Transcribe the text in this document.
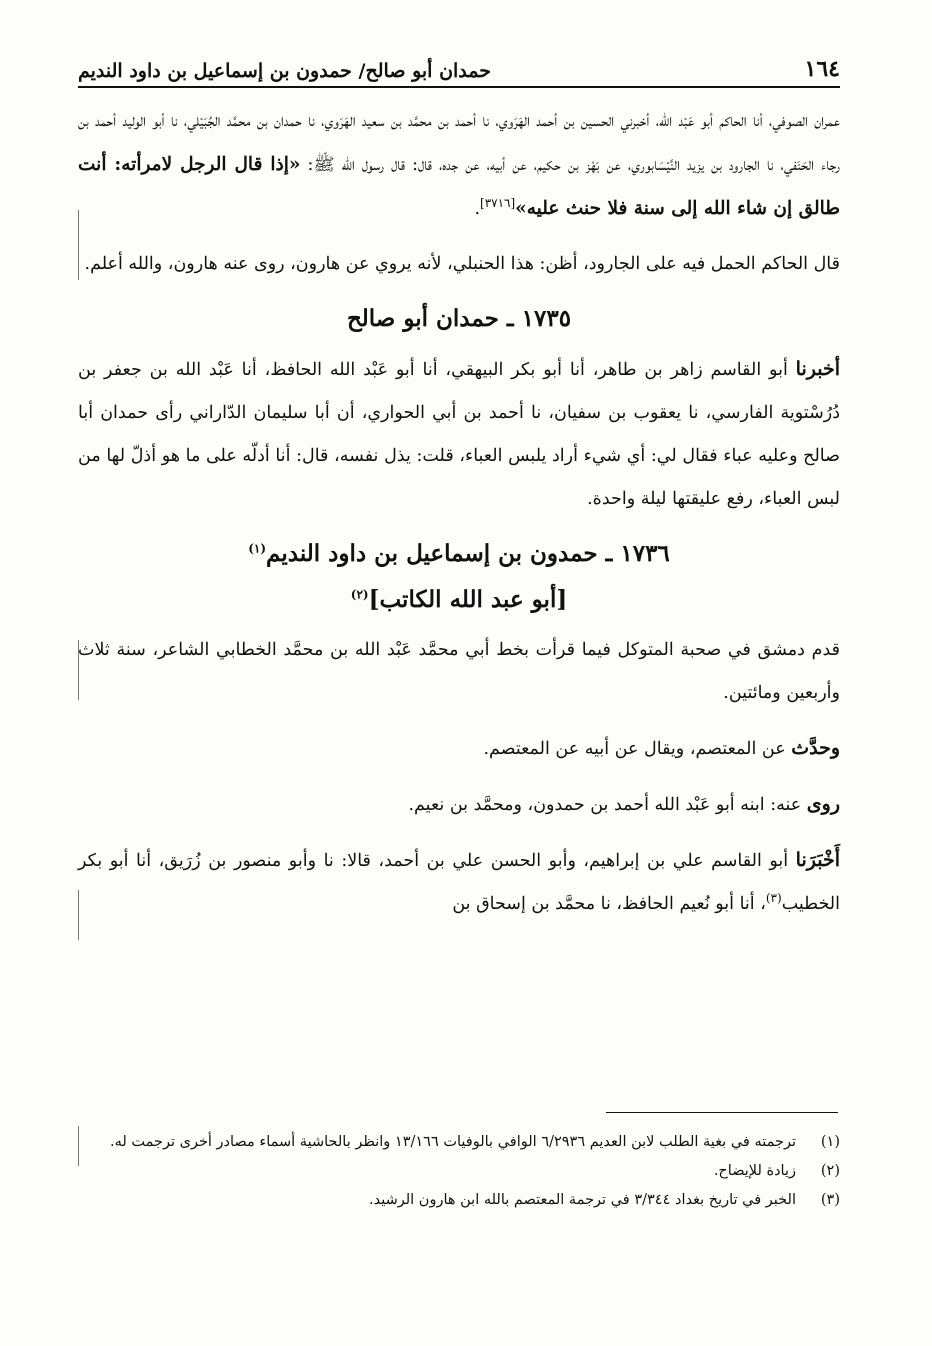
١٦٤
حمدان أبو صالح/ حمدون بن إسماعيل بن داود النديم

عمران الصوفي، أنا الحاكم أبو عَبْد الله، أخبرني الحسين بن أحمد الهَرَوي، نا أحمد بن محمَّد بن سعيد الهَرَوي، نا حمدان بن محمَّد الجُبَيْلي، نا أبو الوليد أحمد بن رجاء الحَنَفي، نا الجارود بن يزيد النَّيْسَابوري، عن بَهْز بن حكيم، عن أبيه، عن جده، قال: قال رسول الله ﷺ: «إذا قال الرجل لامرأته: أنت طالق إن شاء الله إلى سنة فلا حنث عليه»[٣٧١٦].

قال الحاكم الحمل فيه على الجارود، أظن: هذا الحنبلي، لأنه يروي عن هارون، روى عنه هارون، والله أعلم.

١٧٣٥ ـ حمدان أبو صالح

أخبرنا أبو القاسم زاهر بن طاهر، أنا أبو بكر البيهقي، أنا أبو عَبْد الله الحافظ، أنا عَبْد الله بن جعفر بن دُرُسْتوية الفارسي، نا يعقوب بن سفيان، نا أحمد بن أبي الحواري، أن أبا سليمان الدّاراني رأى حمدان أبا صالح وعليه عباء فقال لي: أي شيء أراد يلبس العباء، قلت: يذل نفسه، قال: أنا أدلّه على ما هو أذلّ لها من لبس العباء، رفع عليقتها ليلة واحدة.

١٧٣٦ ـ حمدون بن إسماعيل بن داود النديم$^{(١)}$
[أبو عبد الله الكاتب]$^{(٢)}$

قدم دمشق في صحبة المتوكل فيما قرأت بخط أبي محمَّد عَبْد الله بن محمَّد الخطابي الشاعر، سنة ثلاث وأربعين ومائتين.

وحدَّث عن المعتصم، ويقال عن أبيه عن المعتصم.

روى عنه: ابنه أبو عَبْد الله أحمد بن حمدون، ومحمَّد بن نعيم.

أَخْبَرَنا أبو القاسم علي بن إبراهيم، وأبو الحسن علي بن أحمد، قالا: نا وأبو منصور بن زُرَيق، أنا أبو بكر الخطيب$^{(٣)}$، أنا أبو نُعيم الحافظ، نا محمَّد بن إسحاق بن

(١)
ترجمته في بغية الطلب لابن العديم ٦/٢٩٣٦ الوافي بالوفيات ١٣/١٦٦ وانظر بالحاشية أسماء مصادر أخرى ترجمت له.

(٢)
زيادة للإيضاح.

(٣)
الخبر في تاريخ بغداد ٣/٣٤٤ في ترجمة المعتصم بالله ابن هارون الرشيد.
